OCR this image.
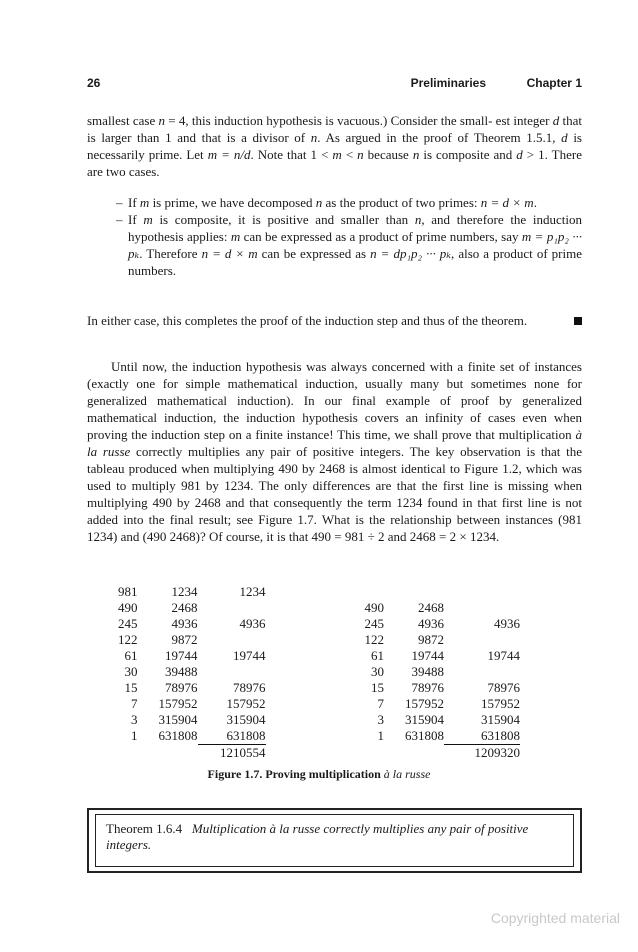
26	Preliminaries	Chapter 1

smallest case n = 4, this induction hypothesis is vacuous.) Consider the small- est integer d that is larger than 1 and that is a divisor of n. As argued in the proof of Theorem 1.5.1, d is necessarily prime. Let m = n/d. Note that 1 < m < n because n is composite and d > 1. There are two cases.

– If m is prime, we have decomposed n as the product of two primes: n = d × m.
– If m is composite, it is positive and smaller than n, and therefore the induction hypothesis applies: m can be expressed as a product of prime numbers, say m = p₁p₂ ··· pₖ. Therefore n = d × m can be expressed as n = dp₁p₂ ··· pₖ, also a product of prime numbers.

In either case, this completes the proof of the induction step and thus of the theorem.

Until now, the induction hypothesis was always concerned with a finite set of instances (exactly one for simple mathematical induction, usually many but sometimes none for generalized mathematical induction). In our final example of proof by generalized mathematical induction, the induction hypothesis covers an infinity of cases even when proving the induction step on a finite instance! This time, we shall prove that multiplication à la russe correctly multiplies any pair of positive integers. The key observation is that the tableau produced when multiplying 490 by 2468 is almost identical to Figure 1.2, which was used to multiply 981 by 1234. The only differences are that the first line is missing when multiplying 490 by 2468 and that consequently the term 1234 found in that first line is not added into the final result; see Figure 1.7. What is the relationship between instances (981 1234) and (490 2468)? Of course, it is that 490 = 981 ÷ 2 and 2468 = 2 × 1234.

981	1234	1234
490	2468	
245	4936	4936
122	9872	
61	19744	19744
30	39488	
15	78976	78976
7	157952	157952
3	315904	315904
1	631808	631808
		1210554
490	2468	
245	4936	4936
122	9872	
61	19744	19744
30	39488	
15	78976	78976
7	157952	157952
3	315904	315904
1	631808	631808
		1209320
Figure 1.7. Proving multiplication à la russe
Theorem 1.6.4 Multiplication à la russe correctly multiplies any pair of positive integers.
Copyrighted material
